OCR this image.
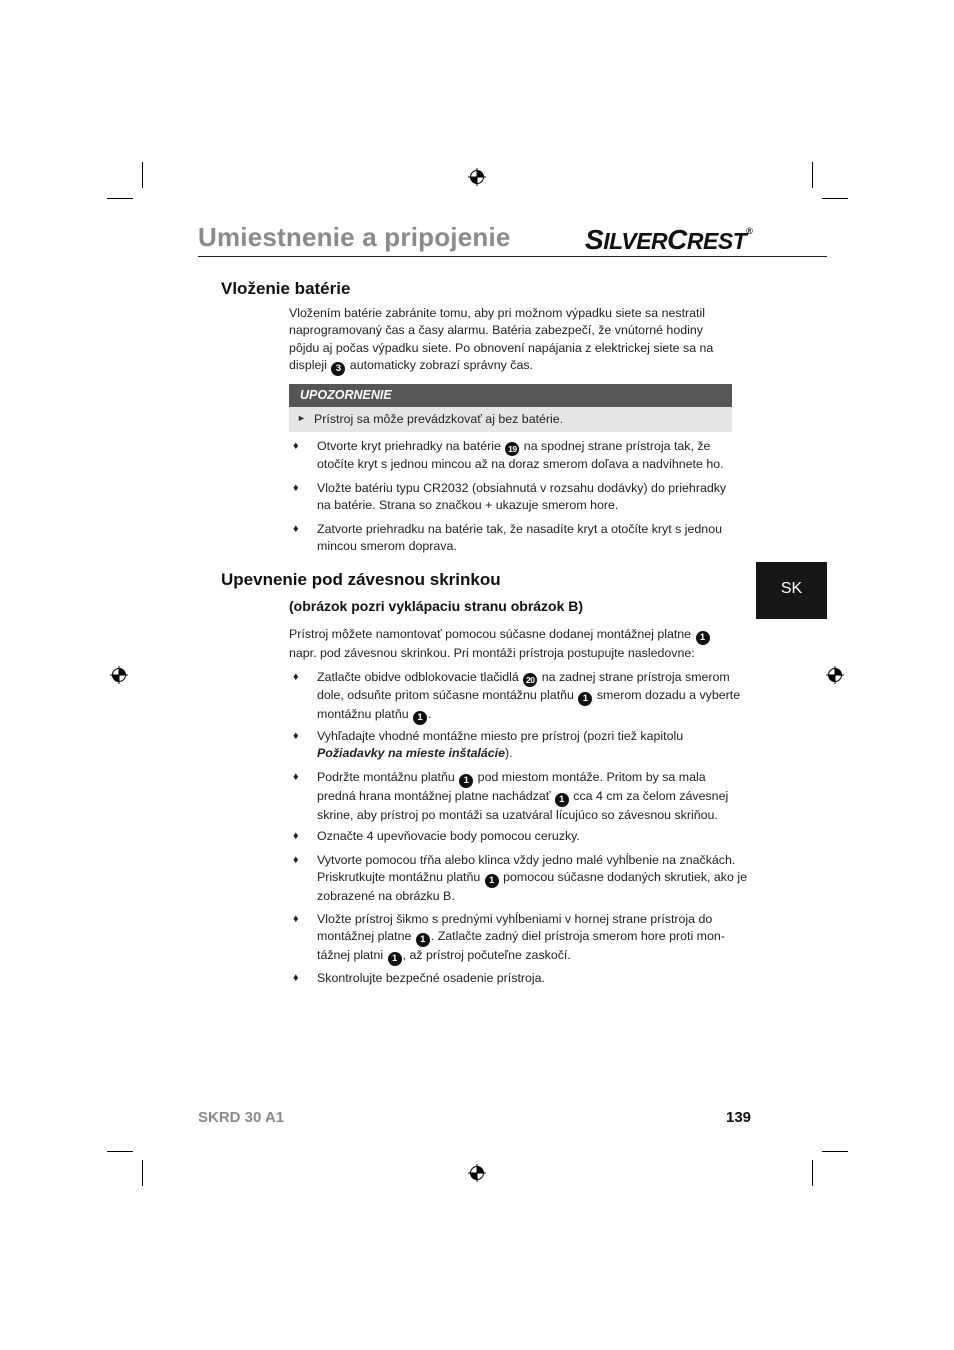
Umiestnenie a pripojenie	SILVERCREST®
Vloženie batérie
Vložením batérie zabránite tomu, aby pri možnom výpadku siete sa nestratil
naprogramovaný čas a časy alarmu. Batéria zabezpečí, že vnútorné hodiny
pôjdu aj počas výpadku siete. Po obnovení napájania z elektrickej siete sa na
displeji 3 automaticky zobrazí správny čas.
UPOZORNENIE
► Prístroj sa môže prevádzkovať aj bez batérie.
♦ Otvorte kryt priehradky na batérie 19 na spodnej strane prístroja tak, že
otočíte kryt s jednou mincou až na doraz smerom doľava a nadvihnete ho.
♦ Vložte batériu typu CR2032 (obsiahnutá v rozsahu dodávky) do priehradky
na batérie. Strana so značkou + ukazuje smerom hore.
♦ Zatvorte priehradku na batérie tak, že nasadíte kryt a otočíte kryt s jednou
mincou smerom doprava.
SK
Upevnenie pod závesnou skrinkou
(obrázok pozri vyklápaciu stranu obrázok B)
Prístroj môžete namontovať pomocou súčasne dodanej montážnej platne 1
napr. pod závesnou skrinkou. Pri montáži prístroja postupujte nasledovne:
♦ Zatlačte obidve odblokovacie tlačidlá 20 na zadnej strane prístroja smerom
dole, odsuňte pritom súčasne montážnu platňu 1 smerom dozadu a vyberte
montážnu platňu 1 .
♦ Vyhľadajte vhodné montážne miesto pre prístroj (pozri tiež kapitolu
Požiadavky na mieste inštalácie).
♦ Podržte montážnu platňu 1 pod miestom montáže. Pritom by sa mala
predná hrana montážnej platne nachádzať 1 cca 4 cm za čelom závesnej
skrine, aby prístroj po montáži sa uzatváral lícujúco so závesnou skriňou.
♦ Označte 4 upevňovacie body pomocou ceruzky.
♦ Vytvorte pomocou tŕňa alebo klinca vždy jedno malé vyhĺbenie na značkách.
Priskrutkujte montážnu platňu 1 pomocou súčasne dodaných skrutiek, ako je
zobrazené na obrázku B.
♦ Vložte prístroj šikmo s prednými vyhĺbeniami v hornej strane prístroja do
montážnej platne 1 . Zatlačte zadný diel prístroja smerom hore proti mon-
tážnej platni 1 , až prístroj počuteľne zaskočí.
♦ Skontrolujte bezpečné osadenie prístroja.
SKRD 30 A1	139
